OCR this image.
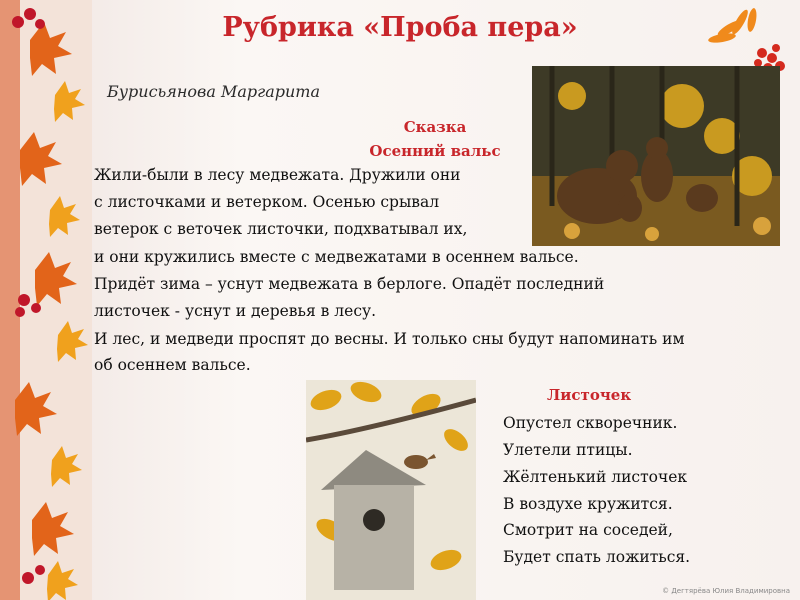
Рубрика «Проба пера»
Бурисьянова Маргарита
Сказка
Осенний вальс
Жили-были в лесу медвежата. Дружили они
с листочками и ветерком. Осенью срывал
ветерок с веточек листочки, подхватывал их,
и они кружились вместе с медвежатами в осеннем вальсе.
Придёт зима – уснут медвежата в берлоге. Опадёт последний
листочек - уснут и деревья в лесу.
И лес, и медведи проспят до весны. И только сны будут напоминать им
об осеннем вальсе.
Листочек
Опустел скворечник.
Улетели птицы.
Жёлтенький листочек
В воздухе кружится.
Смотрит на соседей,
Будет спать ложиться.
© Дегтярёва Юлия Владимировна
